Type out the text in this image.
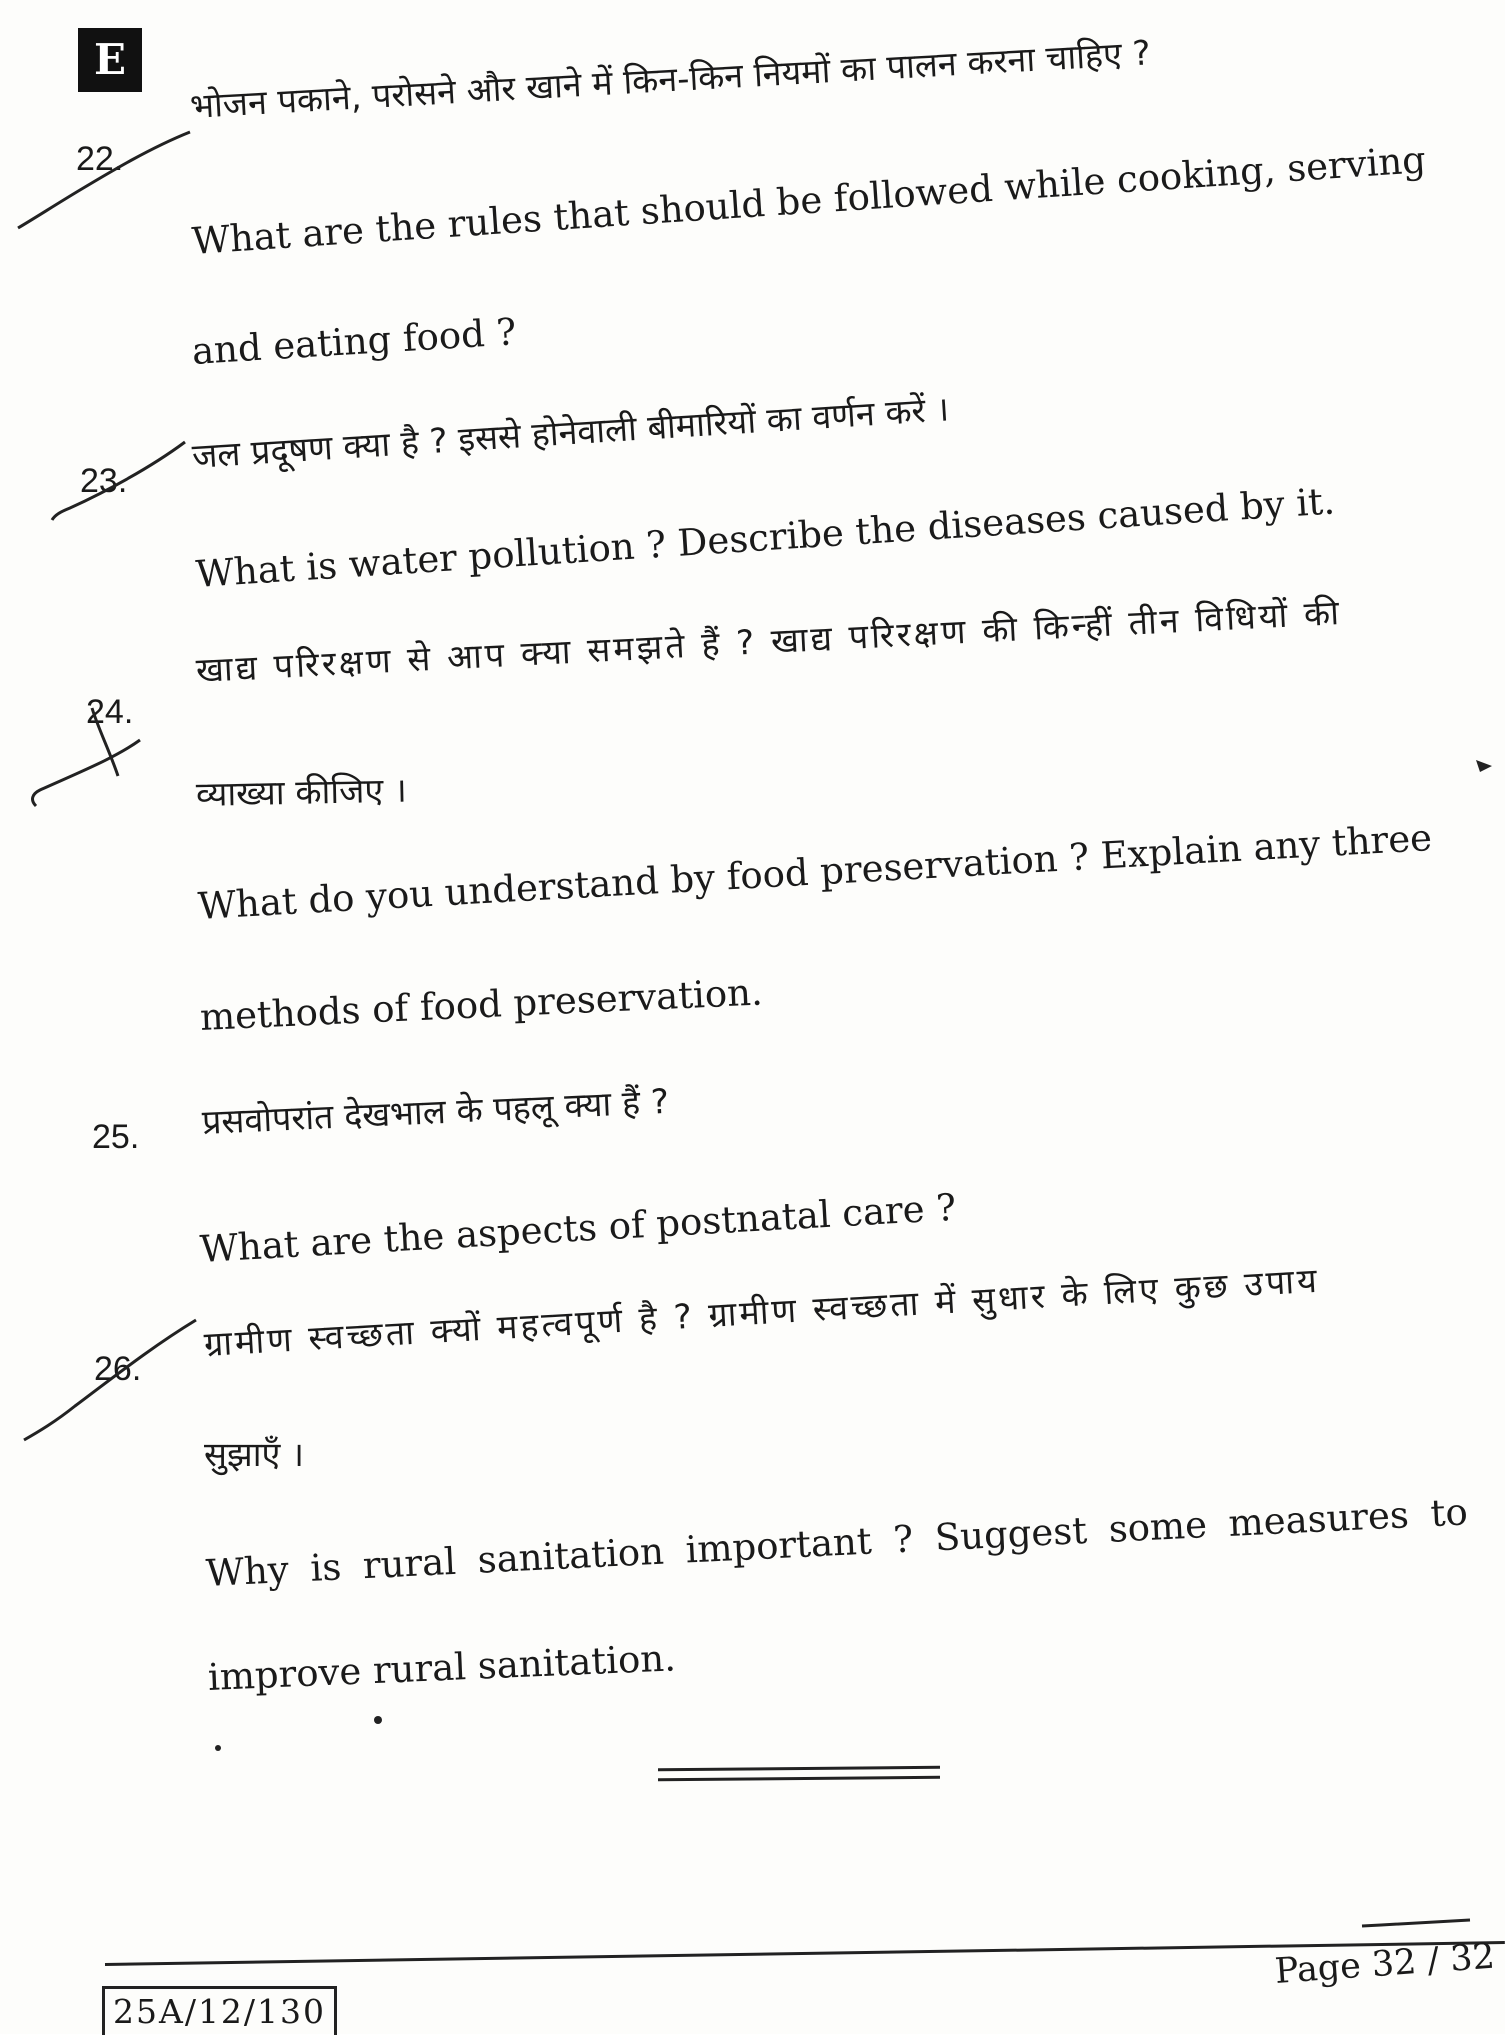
E
22.
भोजन पकाने, परोसने और खाने में किन-किन नियमों का पालन करना चाहिए ?
What are the rules that should be followed while cooking, serving
and eating food ?
23.
जल प्रदूषण क्या है ? इससे होनेवाली बीमारियों का वर्णन करें ।
What is water pollution ? Describe the diseases caused by it.
24.
खाद्य परिरक्षण से आप क्या समझते हैं ? खाद्य परिरक्षण की किन्हीं तीन विधियों की
व्याख्या कीजिए ।
What do you understand by food preservation ? Explain any three
methods of food preservation.
25. प्रसवोपरांत देखभाल के पहलू क्या हैं ?
What are the aspects of postnatal care ?
26.
ग्रामीण स्वच्छता क्यों महत्वपूर्ण है ? ग्रामीण स्वच्छता में सुधार के लिए कुछ उपाय
सुझाएँ ।
Why is rural sanitation important ? Suggest some measures to
improve rural sanitation.
25A/12/130
Page 32 / 32
